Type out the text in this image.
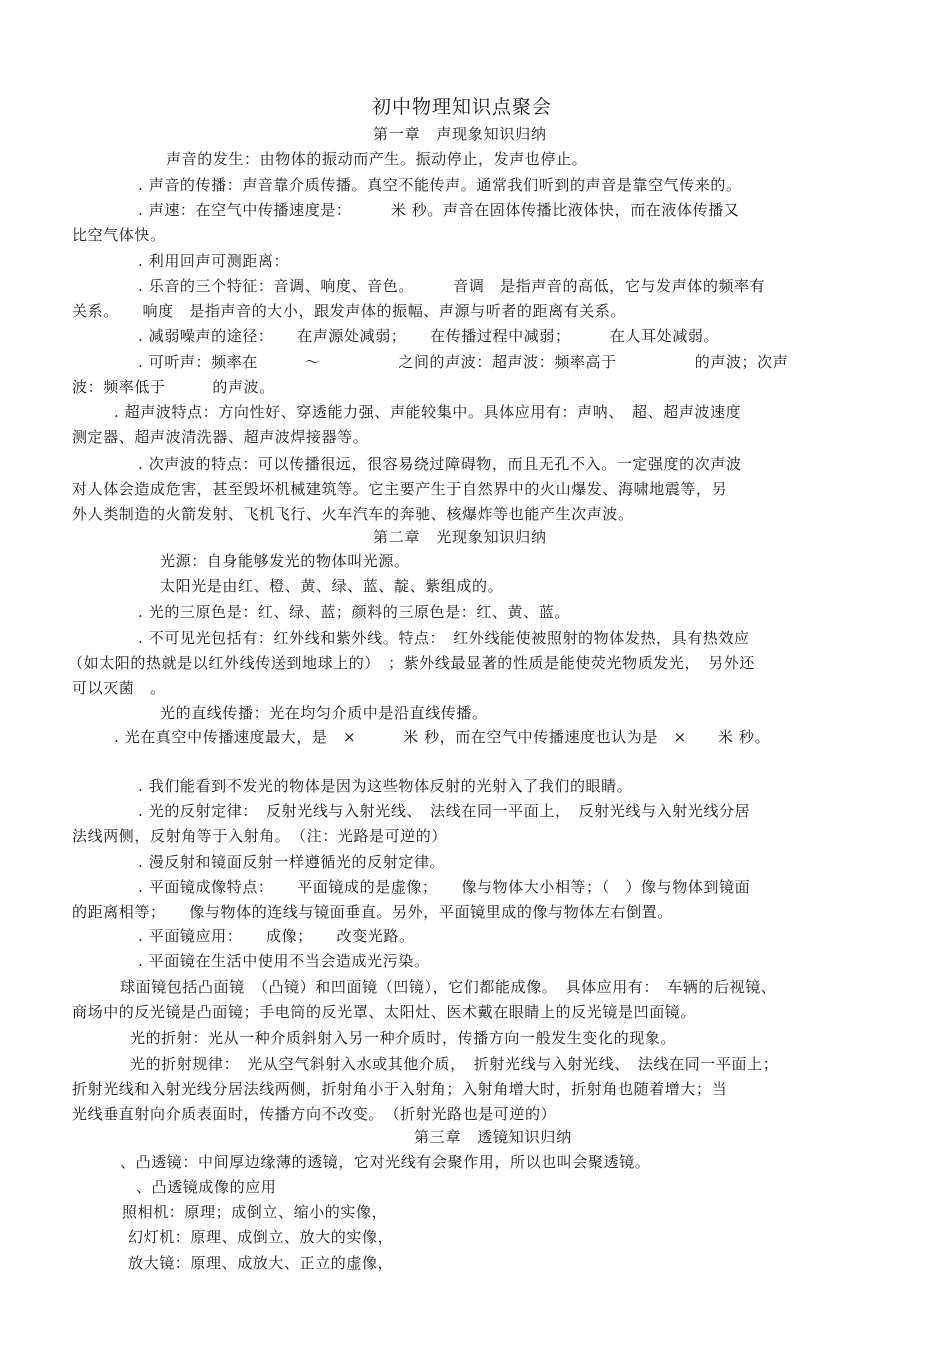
初中物理知识点聚会
第一章　声现象知识归纳
声音的发生：由物体的振动而产生。振动停止，发声也停止。
. 声音的传播：声音靠介质传播。真空不能传声。通常我们听到的声音是靠空气传来的。
. 声速：在空气中传播速度是：　　　米 秒。声音在固体传播比液体快，而在液体传播又
比空气体快。
. 利用回声可测距离：
. 乐音的三个特征：音调、响度、音色。　　　音调　是指声音的高低，它与发声体的频率有
关系。　　响度　是指声音的大小，跟发声体的振幅、声源与听者的距离有关系。
. 减弱噪声的途径：　　在声源处减弱；　　在传播过程中减弱；　　　在人耳处减弱。
. 可听声：频率在　　　～　　　　　之间的声波：超声波：频率高于　　　　　的声波；次声
波：频率低于　　　的声波。
. 超声波特点：方向性好、穿透能力强、声能较集中。具体应用有：声呐、　超、超声波速度
测定器、超声波清洗器、超声波焊接器等。
. 次声波的特点：可以传播很远，很容易绕过障碍物，而且无孔不入。一定强度的次声波
对人体会造成危害，甚至毁坏机械建筑等。它主要产生于自然界中的火山爆发、海啸地震等，另
外人类制造的火箭发射、飞机飞行、火车汽车的奔驰、核爆炸等也能产生次声波。
第二章　光现象知识归纳
光源：自身能够发光的物体叫光源。
太阳光是由红、橙、黄、绿、蓝、靛、紫组成的。
. 光的三原色是：红、绿、蓝；颜料的三原色是：红、黄、蓝。
. 不可见光包括有：红外线和紫外线。特点：　红外线能使被照射的物体发热，具有热效应
（如太阳的热就是以红外线传送到地球上的）　；紫外线最显著的性质是能使荧光物质发光，　另外还
可以灭菌　。
光的直线传播：光在均匀介质中是沿直线传播。
. 光在真空中传播速度最大，是　×　　　米 秒，而在空气中传播速度也认为是　×　　米 秒。
. 我们能看到不发光的物体是因为这些物体反射的光射入了我们的眼睛。
. 光的反射定律：　反射光线与入射光线、　法线在同一平面上，　反射光线与入射光线分居
法线两侧，反射角等于入射角。　（注：光路是可逆的）
. 漫反射和镜面反射一样遵循光的反射定律。
. 平面镜成像特点：　　平面镜成的是虚像；　　像与物体大小相等；（　）像与物体到镜面
的距离相等；　　像与物体的连线与镜面垂直。另外，平面镜里成的像与物体左右倒置。
. 平面镜应用：　　成像；　　改变光路。
. 平面镜在生活中使用不当会造成光污染。
球面镜包括凸面镜　（凸镜）和凹面镜（凹镜），它们都能成像。　具体应用有：　车辆的后视镜、
商场中的反光镜是凸面镜；手电筒的反光罩、太阳灶、医术戴在眼睛上的反光镜是凹面镜。
光的折射：光从一种介质斜射入另一种介质时，传播方向一般发生变化的现象。
光的折射规律：　光从空气斜射入水或其他介质，　折射光线与入射光线、　法线在同一平面上；
折射光线和入射光线分居法线两侧，折射角小于入射角；入射角增大时，折射角也随着增大；当
光线垂直射向介质表面时，传播方向不改变。　（折射光路也是可逆的）
第三章　透镜知识归纳
、凸透镜：中间厚边缘薄的透镜，它对光线有会聚作用，所以也叫会聚透镜。
、凸透镜成像的应用
照相机：原理；成倒立、缩小的实像，
幻灯机：原理、成倒立、放大的实像，
放大镜：原理、成放大、正立的虚像，
